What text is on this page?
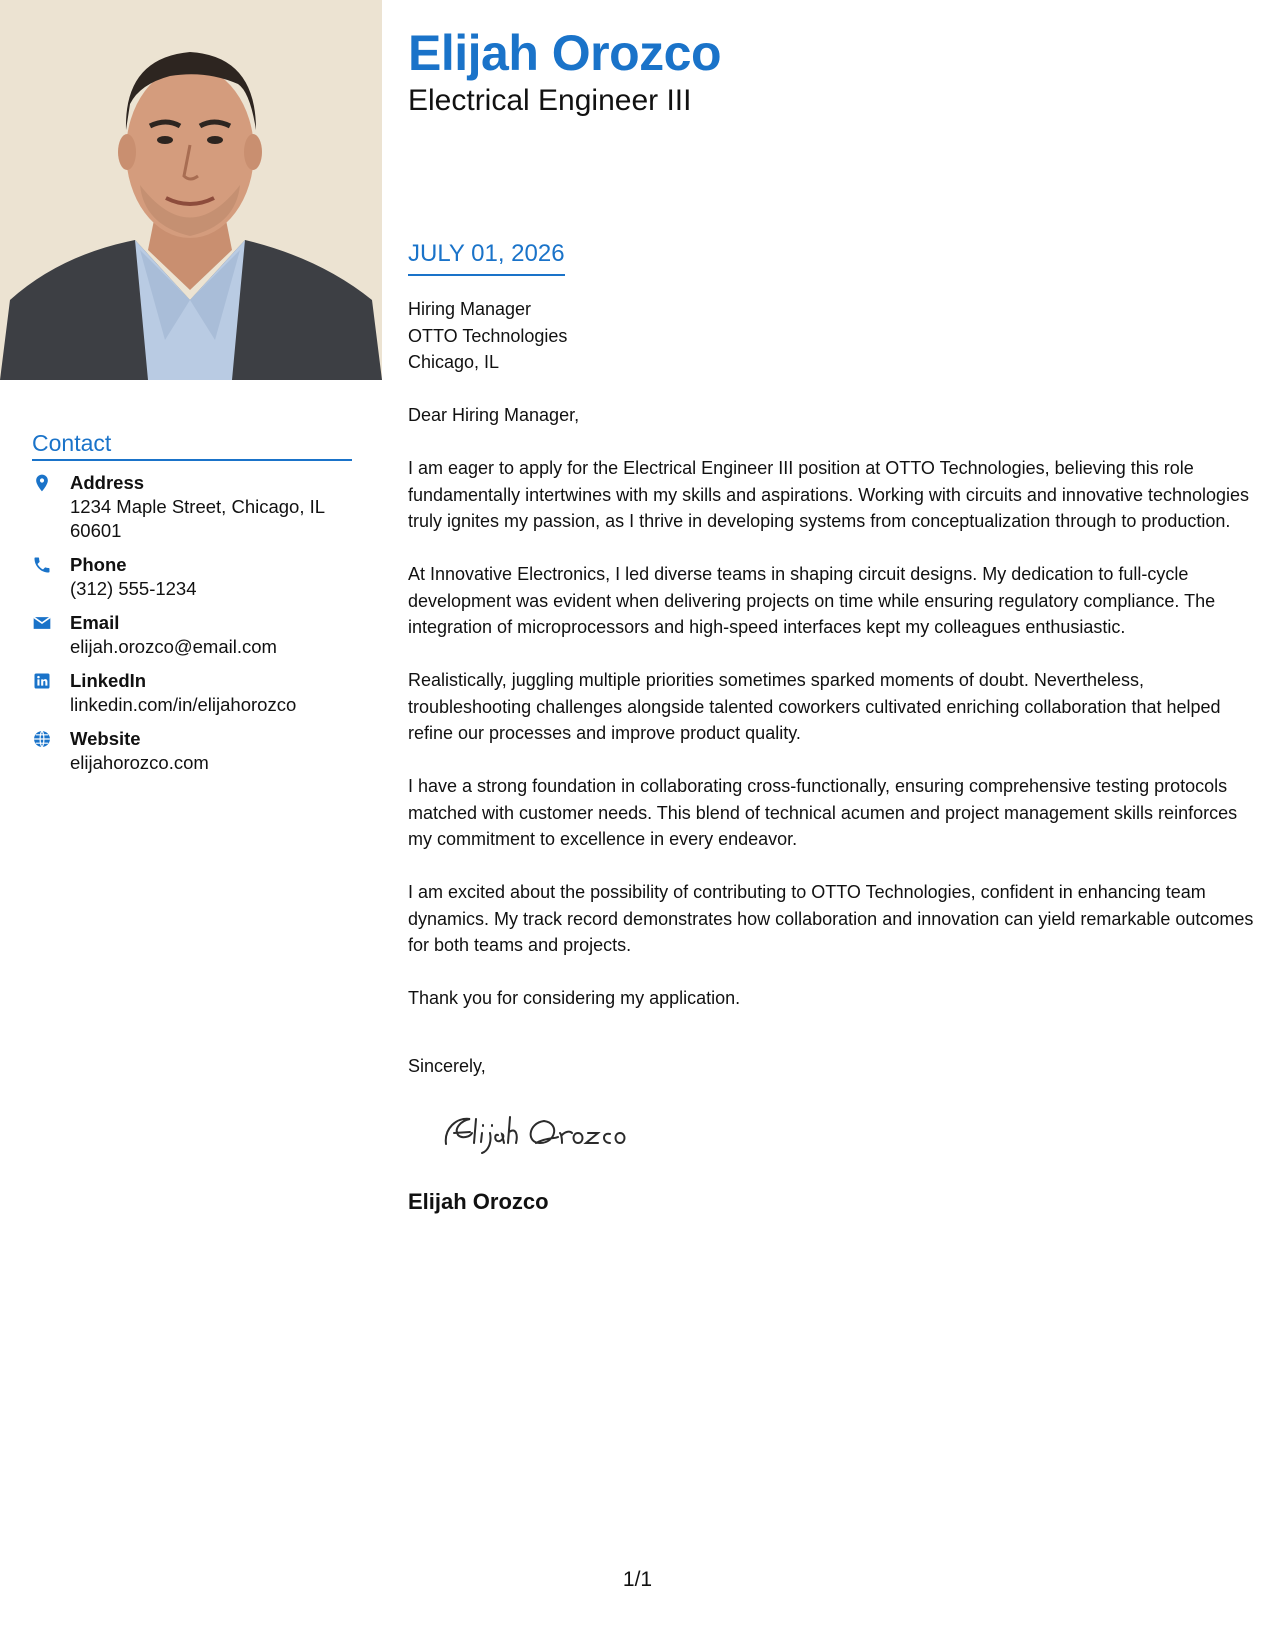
Contact
Address
1234 Maple Street, Chicago, IL 60601
Phone
(312) 555-1234
Email
elijah.orozco@email.com
LinkedIn
linkedin.com/in/elijahorozco
Website
elijahorozco.com
Elijah Orozco
Electrical Engineer III
JULY 01, 2026
Hiring Manager
OTTO Technologies
Chicago, IL
Dear Hiring Manager,

I am eager to apply for the Electrical Engineer III position at OTTO Technologies, believing this role fundamentally intertwines with my skills and aspirations. Working with circuits and innovative technologies truly ignites my passion, as I thrive in developing systems from conceptualization through to production.

At Innovative Electronics, I led diverse teams in shaping circuit designs. My dedication to full-cycle development was evident when delivering projects on time while ensuring regulatory compliance. The integration of microprocessors and high-speed interfaces kept my colleagues enthusiastic.

Realistically, juggling multiple priorities sometimes sparked moments of doubt. Nevertheless, troubleshooting challenges alongside talented coworkers cultivated enriching collaboration that helped refine our processes and improve product quality.

I have a strong foundation in collaborating cross-functionally, ensuring comprehensive testing protocols matched with customer needs. This blend of technical acumen and project management skills reinforces my commitment to excellence in every endeavor.

I am excited about the possibility of contributing to OTTO Technologies, confident in enhancing team dynamics. My track record demonstrates how collaboration and innovation can yield remarkable outcomes for both teams and projects.

Thank you for considering my application.

Sincerely,
Elijah Orozco
1/1
